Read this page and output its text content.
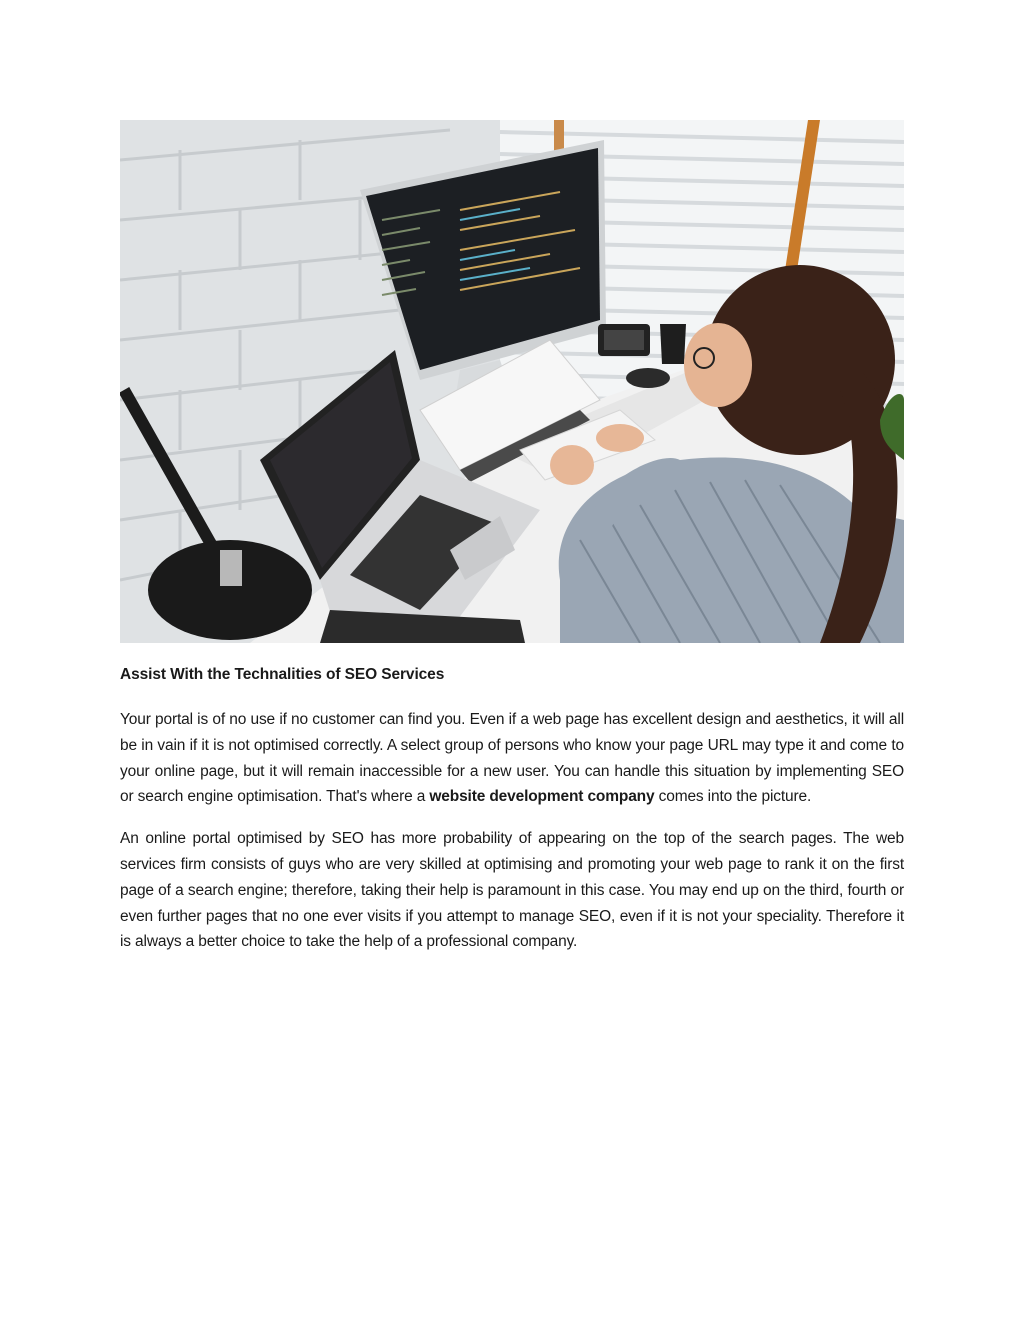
Assist With the Technalities of SEO Services

Your portal is of no use if no customer can find you. Even if a web page has excellent design and aesthetics, it will all be in vain if it is not optimised correctly. A select group of persons who know your page URL may type it and come to your online page, but it will remain inaccessible for a new user. You can handle this situation by implementing SEO or search engine optimisation. That's where a website development company comes into the picture.

An online portal optimised by SEO has more probability of appearing on the top of the search pages. The web services firm consists of guys who are very skilled at optimising and promoting your web page to rank it on the first page of a search engine; therefore, taking their help is paramount in this case. You may end up on the third, fourth or even further pages that no one ever visits if you attempt to manage SEO, even if it is not your speciality. Therefore it is always a better choice to take the help of a professional company.
